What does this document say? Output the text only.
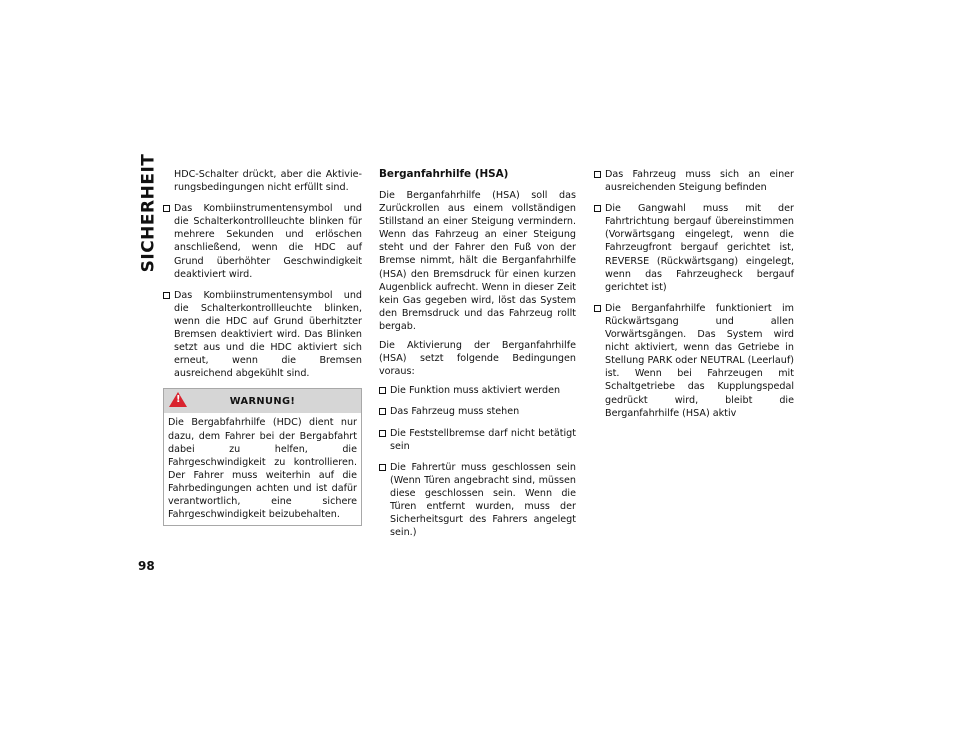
SICHERHEIT
98
HDC-Schalter drückt, aber die Aktivierungsbedingungen nicht erfüllt sind.
Das Kombiinstrumentensymbol und die Schalterkontrollleuchte blinken für mehrere Sekunden und erlöschen anschließend, wenn die HDC auf Grund überhöhter Geschwindigkeit deaktiviert wird.
Das Kombiinstrumentensymbol und die Schalterkontrollleuchte blinken, wenn die HDC auf Grund überhitzter Bremsen deaktiviert wird. Das Blinken setzt aus und die HDC aktiviert sich erneut, wenn die Bremsen ausreichend abgekühlt sind.
!
WARNUNG!
Die Bergabfahrhilfe (HDC) dient nur dazu, dem Fahrer bei der Bergabfahrt dabei zu helfen, die Fahrgeschwindigkeit zu kontrollieren. Der Fahrer muss weiterhin auf die Fahrbedingungen achten und ist dafür verantwortlich, eine sichere Fahrgeschwindigkeit beizubehalten.
Berganfahrhilfe (HSA)

Die Berganfahrhilfe (HSA) soll das Zurückrollen aus einem vollständigen Stillstand an einer Steigung vermindern. Wenn das Fahrzeug an einer Steigung steht und der Fahrer den Fuß von der Bremse nimmt, hält die Berganfahrhilfe (HSA) den Bremsdruck für einen kurzen Augenblick aufrecht. Wenn in dieser Zeit kein Gas gegeben wird, löst das System den Bremsdruck und das Fahrzeug rollt bergab.

Die Aktivierung der Berganfahrhilfe (HSA) setzt folgende Bedingungen voraus:

Die Funktion muss aktiviert werden
Das Fahrzeug muss stehen
Die Feststellbremse darf nicht betätigt sein
Die Fahrertür muss geschlossen sein (Wenn Türen angebracht sind, müssen diese geschlossen sein. Wenn die Türen entfernt wurden, muss der Sicherheitsgurt des Fahrers angelegt sein.)
Das Fahrzeug muss sich an einer ausreichenden Steigung befinden
Die Gangwahl muss mit der Fahrtrichtung bergauf übereinstimmen (Vorwärtsgang eingelegt, wenn die Fahrzeugfront bergauf gerichtet ist, REVERSE (Rückwärtsgang) eingelegt, wenn das Fahrzeugheck bergauf gerichtet ist)
Die Berganfahrhilfe funktioniert im Rückwärtsgang und allen Vorwärtsgängen. Das System wird nicht aktiviert, wenn das Getriebe in Stellung PARK oder NEUTRAL (Leerlauf) ist. Wenn bei Fahrzeugen mit Schaltgetriebe das Kupplungspedal gedrückt wird, bleibt die Berganfahrhilfe (HSA) aktiv
